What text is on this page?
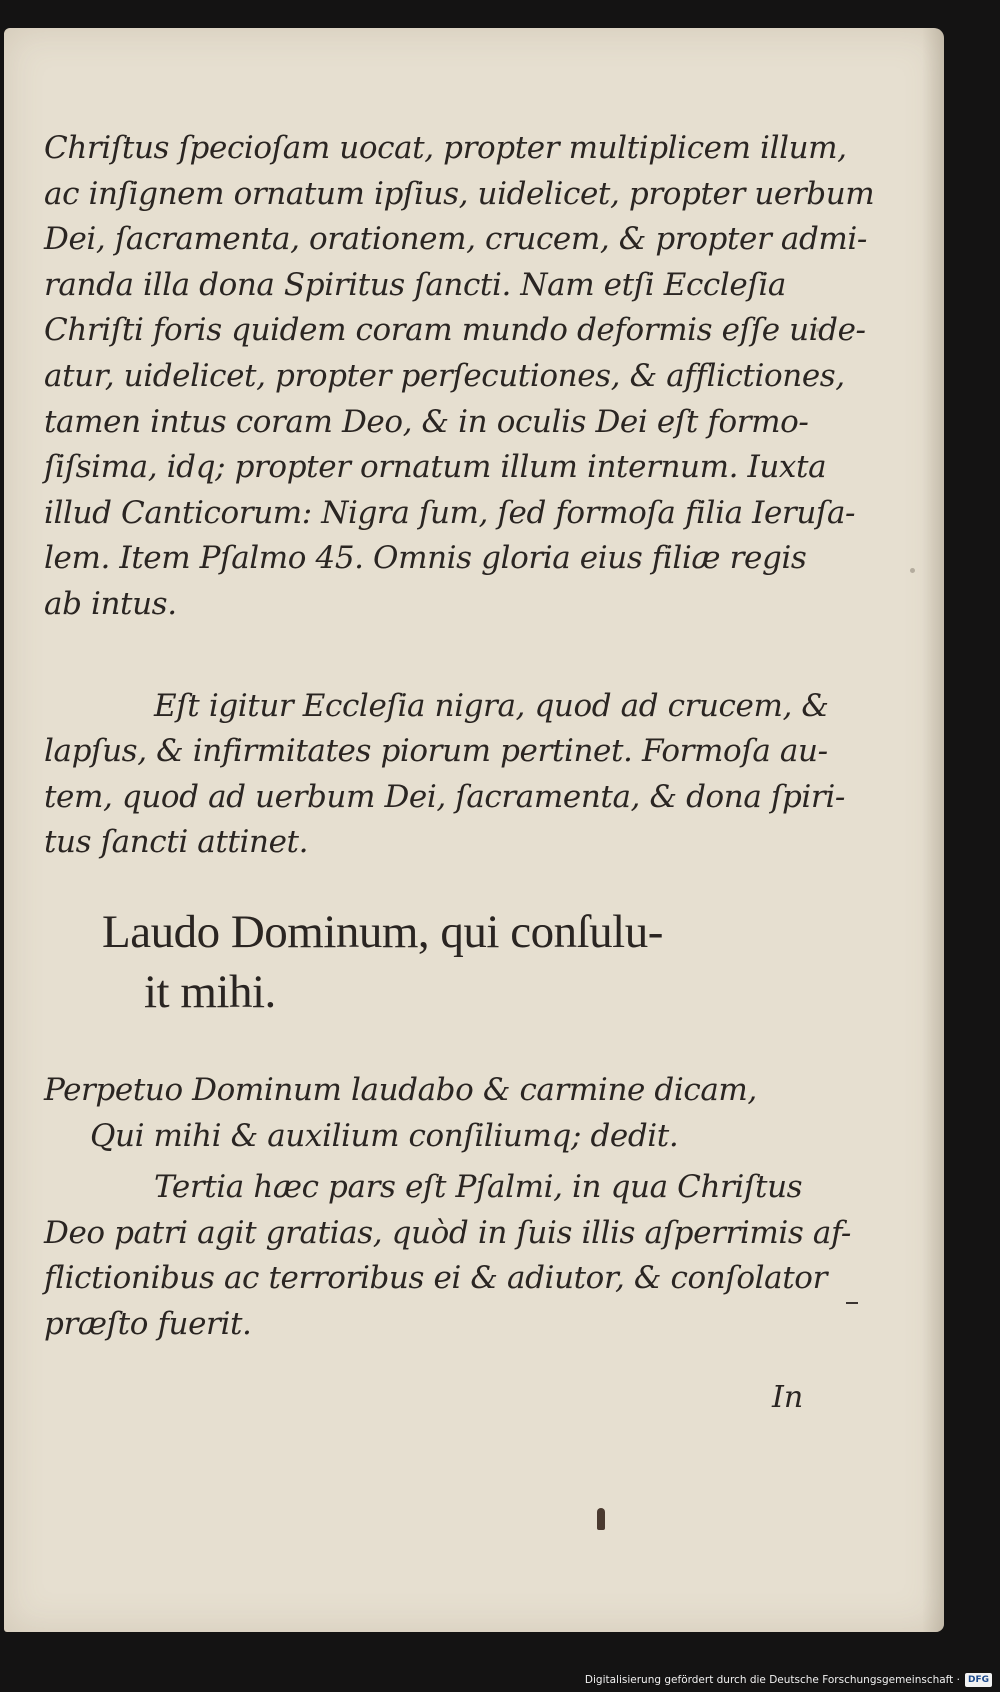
Chriſtus ſpecioſam uocat, propter multiplicem illum,
ac inſignem ornatum ipſius, uidelicet, propter uerbum
Dei, ſacramenta, orationem, crucem, & propter admi-
randa illa dona Spiritus ſancti. Nam etſi Eccleſia
Chriſti foris quidem coram mundo deformis eſſe uide-
atur, uidelicet, propter perſecutiones, & afflictiones,
tamen intus coram Deo, & in oculis Dei eſt formo-
ſiſsima, idq; propter ornatum illum internum. Iuxta
illud Canticorum: Nigra ſum, ſed formoſa filia Ieruſa-
lem. Item Pſalmo 45. Omnis gloria eius filiæ regis
ab intus.
Eſt igitur Eccleſia nigra, quod ad crucem, &
lapſus, & infirmitates piorum pertinet. Formoſa au-
tem, quod ad uerbum Dei, ſacramenta, & dona ſpiri-
tus ſancti attinet.
Laudo Dominum, qui conſulu-
it mihi.
Perpetuo Dominum laudabo & carmine dicam,
Qui mihi & auxilium conſiliumq; dedit.
Tertia hæc pars eſt Pſalmi, in qua Chriſtus
Deo patri agit gratias, quòd in ſuis illis aſperrimis af-
flictionibus ac terroribus ei & adiutor, & conſolator
præſto fuerit.
In
Digitalisierung gefördert durch die Deutsche Forschungsgemeinschaft · DFG
